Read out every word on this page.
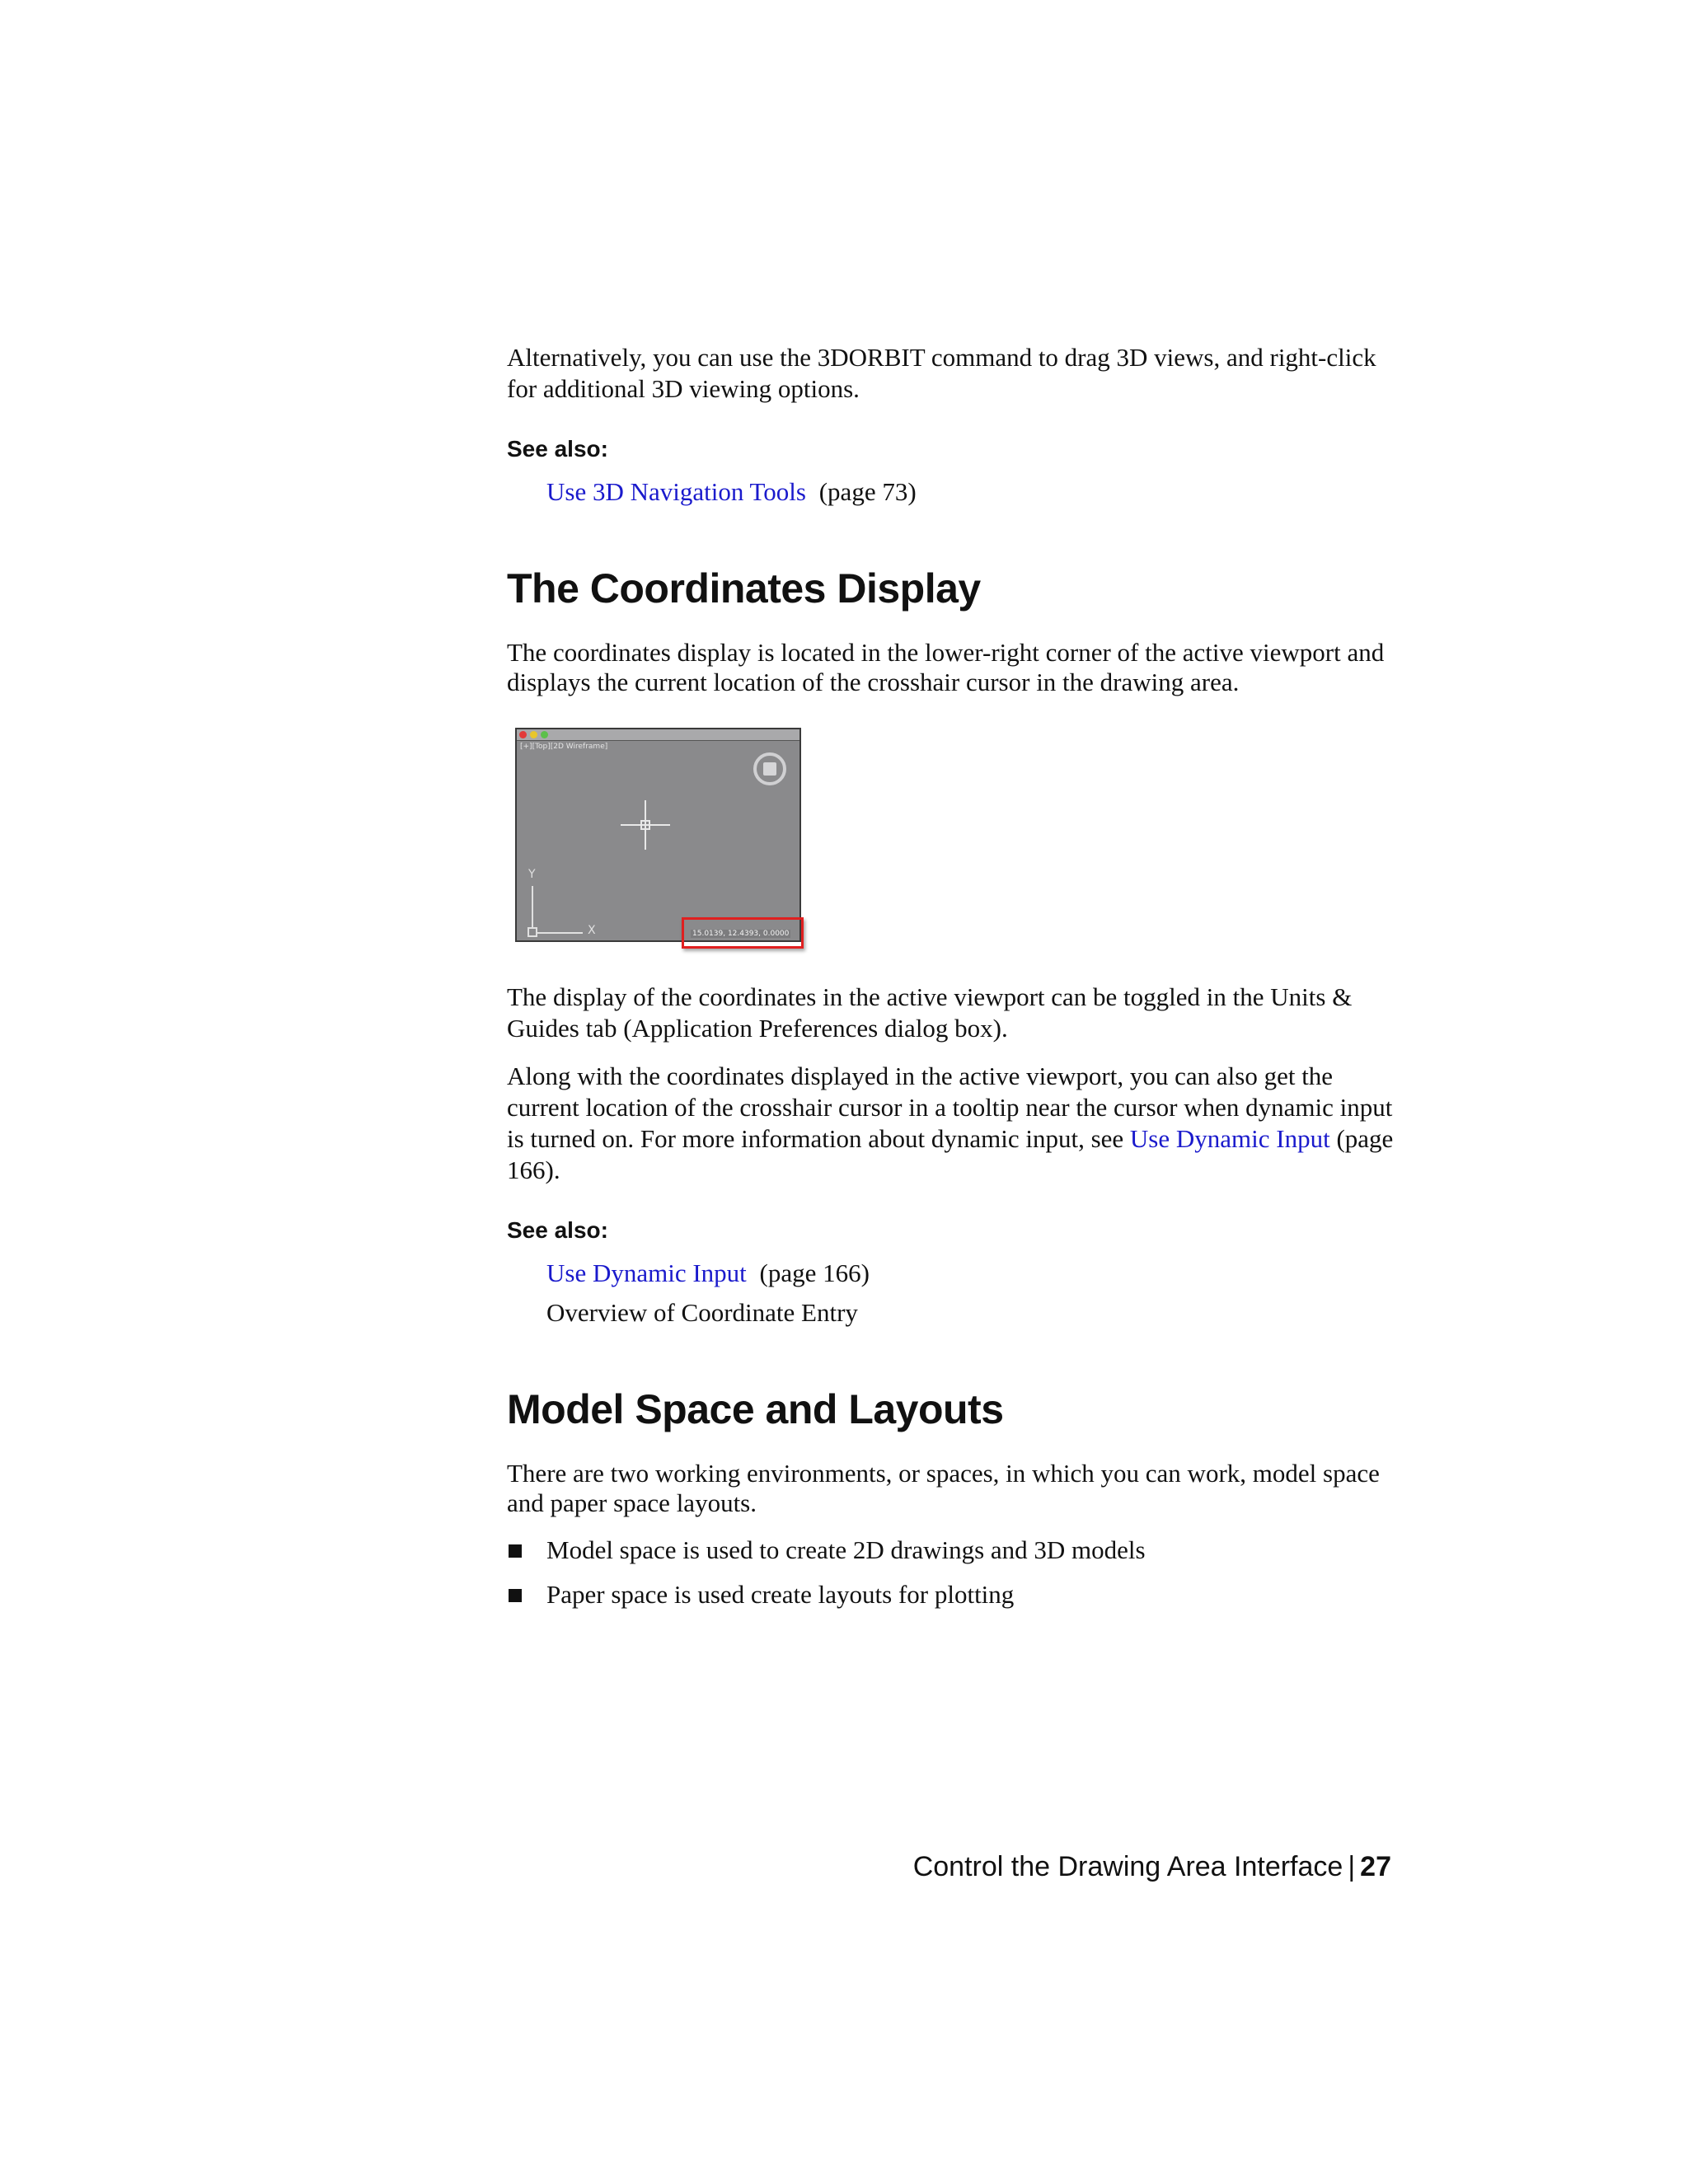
Alternatively, you can use the 3DORBIT command to drag 3D views, and right-click for additional 3D viewing options.

See also:

Use 3D Navigation Tools (page 73)

The Coordinates Display

The coordinates display is located in the lower-right corner of the active viewport and displays the current location of the crosshair cursor in the drawing area.

[+][Top][2D Wireframe]
Y
X	15.0139, 12.4393, 0.0000

The display of the coordinates in the active viewport can be toggled in the Units & Guides tab (Application Preferences dialog box).

Along with the coordinates displayed in the active viewport, you can also get the current location of the crosshair cursor in a tooltip near the cursor when dynamic input is turned on. For more information about dynamic input, see Use Dynamic Input (page 166).

See also:

Use Dynamic Input (page 166)

Overview of Coordinate Entry

Model Space and Layouts

There are two working environments, or spaces, in which you can work, model space and paper space layouts.

Model space is used to create 2D drawings and 3D models
Paper space is used create layouts for plotting
Control the Drawing Area Interface | 27
